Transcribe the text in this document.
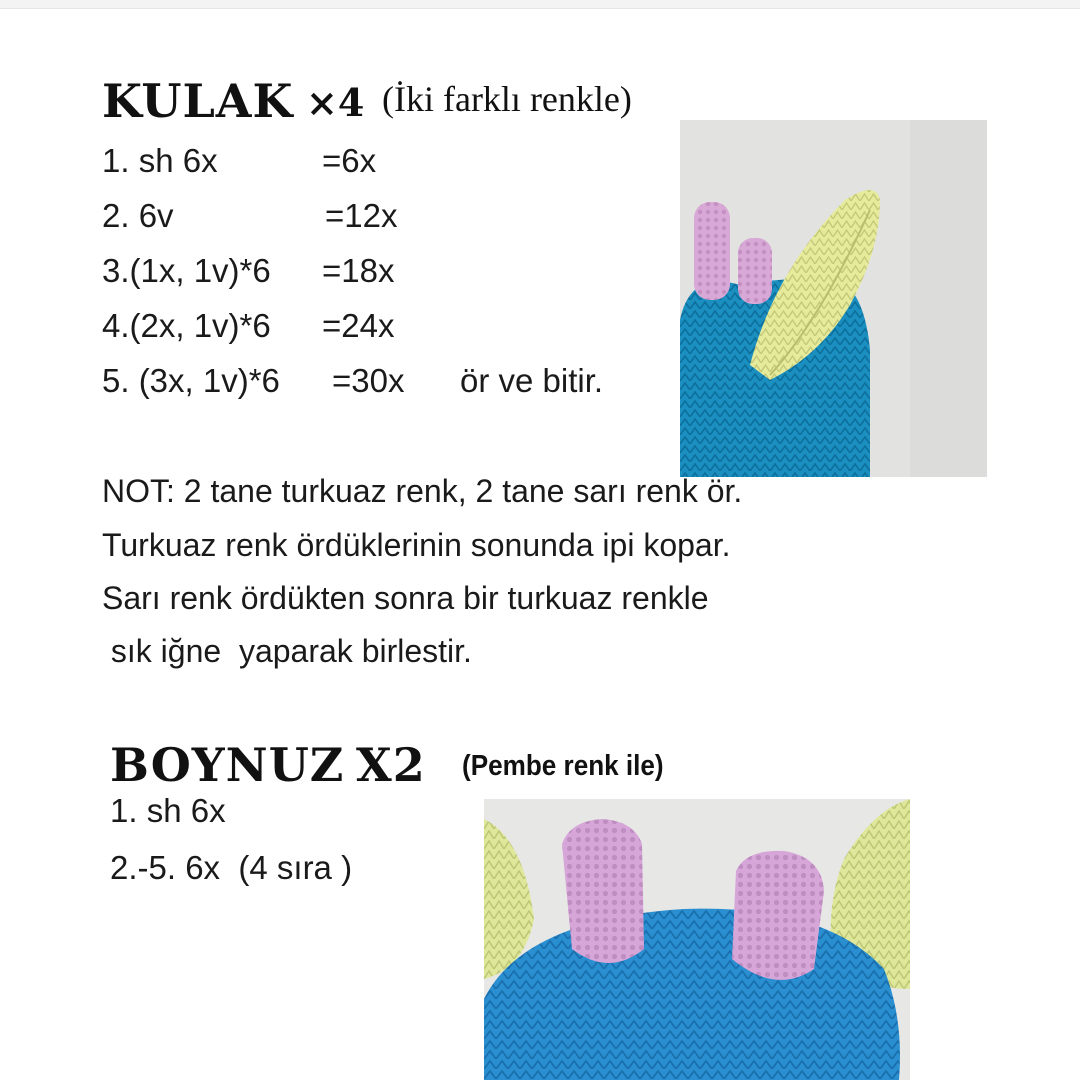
KULAK ×4 (İki farklı renkle)
1. sh 6x	=6x
2. 6v	=12x
3.(1x, 1v)*6 =18x
4.(2x, 1v)*6 =24x
5. (3x, 1v)*6 =30x ör ve bitir.
NOT: 2 tane turkuaz renk, 2 tane sarı renk ör.
Turkuaz renk ördüklerinin sonunda ipi kopar.
Sarı renk ördükten sonra bir turkuaz renkle
sık iğne  yaparak birlestir.
BOYNUZ X2 (Pembe renk ile)
1. sh 6x
2.-5. 6x  (4 sıra )
